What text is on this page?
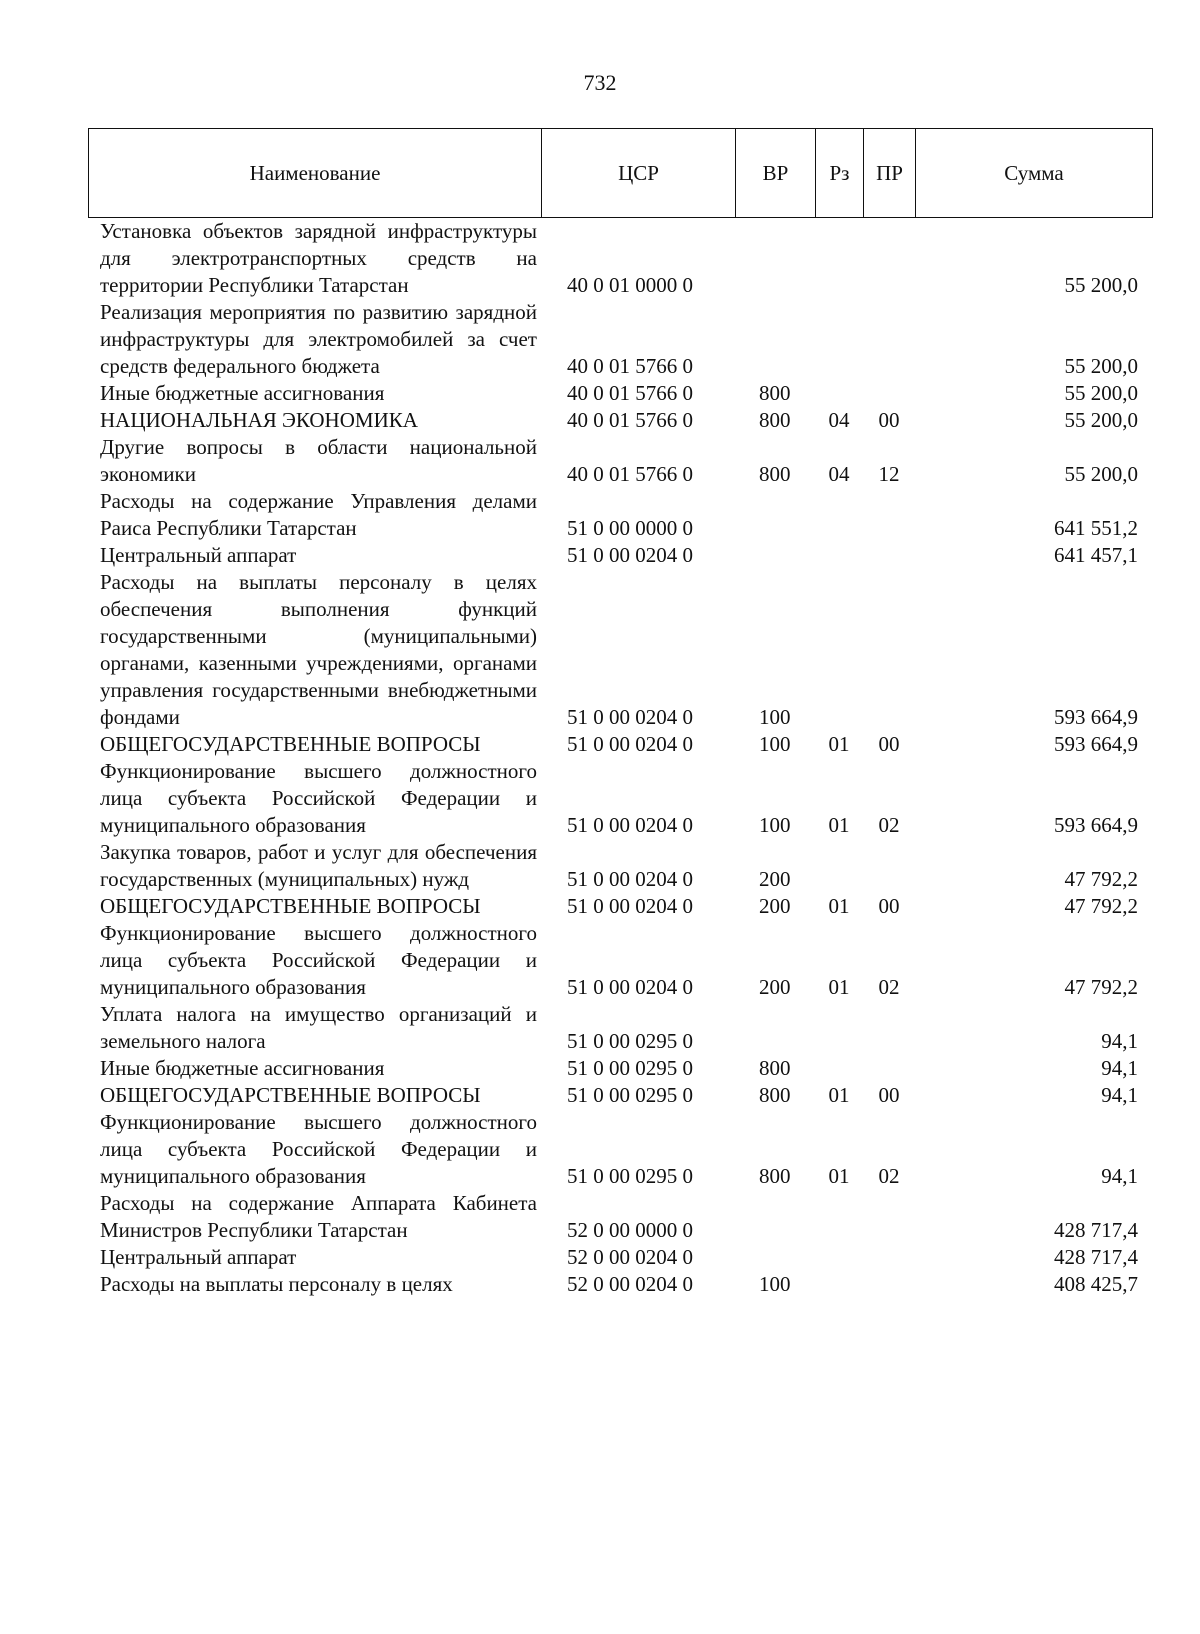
732
Наименование	ЦСР	ВР	Рз	ПР	Сумма
Установка объектов зарядной инфраструктуры для электротранспортных средств на территории Республики Татарстан	40 0 01 0000 0				55 200,0
Реализация мероприятия по развитию зарядной инфраструктуры для электромобилей за счет средств федерального бюджета	40 0 01 5766 0				55 200,0
Иные бюджетные ассигнования	40 0 01 5766 0	800			55 200,0
НАЦИОНАЛЬНАЯ ЭКОНОМИКА	40 0 01 5766 0	800	04	00	55 200,0
Другие вопросы в области национальной экономики	40 0 01 5766 0	800	04	12	55 200,0
Расходы на содержание Управления делами Раиса Республики Татарстан	51 0 00 0000 0				641 551,2
Центральный аппарат	51 0 00 0204 0				641 457,1
Расходы на выплаты персоналу в целях обеспечения выполнения функций государственными (муниципальными) органами, казенными учреждениями, органами управления государственными внебюджетными фондами	51 0 00 0204 0	100			593 664,9
ОБЩЕГОСУДАРСТВЕННЫЕ ВОПРОСЫ	51 0 00 0204 0	100	01	00	593 664,9
Функционирование высшего должностного лица субъекта Российской Федерации и муниципального образования	51 0 00 0204 0	100	01	02	593 664,9
Закупка товаров, работ и услуг для обеспечения государственных (муниципальных) нужд	51 0 00 0204 0	200			47 792,2
ОБЩЕГОСУДАРСТВЕННЫЕ ВОПРОСЫ	51 0 00 0204 0	200	01	00	47 792,2
Функционирование высшего должностного лица субъекта Российской Федерации и муниципального образования	51 0 00 0204 0	200	01	02	47 792,2
Уплата налога на имущество организаций и земельного налога	51 0 00 0295 0				94,1
Иные бюджетные ассигнования	51 0 00 0295 0	800			94,1
ОБЩЕГОСУДАРСТВЕННЫЕ ВОПРОСЫ	51 0 00 0295 0	800	01	00	94,1
Функционирование высшего должностного лица субъекта Российской Федерации и муниципального образования	51 0 00 0295 0	800	01	02	94,1
Расходы на содержание Аппарата Кабинета Министров Республики Татарстан	52 0 00 0000 0				428 717,4
Центральный аппарат	52 0 00 0204 0				428 717,4
Расходы на выплаты персоналу в целях	52 0 00 0204 0	100			408 425,7
